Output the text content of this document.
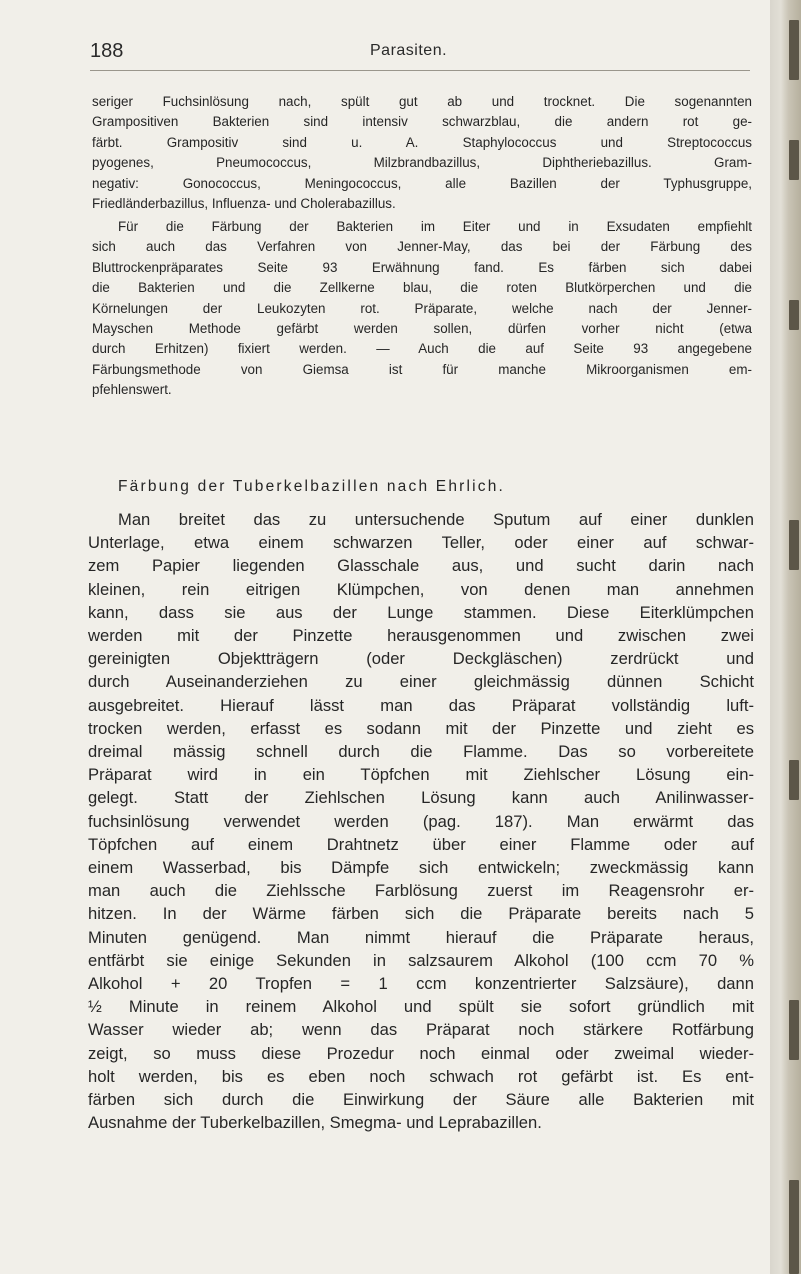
188	Parasiten.
seriger Fuchsinlösung nach, spült gut ab und trocknet. Die sogenannten
Grampositiven Bakterien sind intensiv schwarzblau, die andern rot ge-
färbt. Grampositiv sind u. A. Staphylococcus und Streptococcus
pyogenes, Pneumococcus, Milzbrandbazillus, Diphtheriebazillus. Gram-
negativ: Gonococcus, Meningococcus, alle Bazillen der Typhusgruppe,
Friedländerbazillus, Influenza- und Cholerabazillus.
Für die Färbung der Bakterien im Eiter und in Exsudaten empfiehlt
sich auch das Verfahren von Jenner-May, das bei der Färbung des
Bluttrockenpräparates Seite 93 Erwähnung fand. Es färben sich dabei
die Bakterien und die Zellkerne blau, die roten Blutkörperchen und die
Körnelungen der Leukozyten rot. Präparate, welche nach der Jenner-
Mayschen Methode gefärbt werden sollen, dürfen vorher nicht (etwa
durch Erhitzen) fixiert werden. — Auch die auf Seite 93 angegebene
Färbungsmethode von Giemsa ist für manche Mikroorganismen em-
pfehlenswert.
Färbung der Tuberkelbazillen nach Ehrlich.
Man breitet das zu untersuchende Sputum auf einer dunklen
Unterlage, etwa einem schwarzen Teller, oder einer auf schwar-
zem Papier liegenden Glasschale aus, und sucht darin nach
kleinen, rein eitrigen Klümpchen, von denen man annehmen
kann, dass sie aus der Lunge stammen. Diese Eiterklümpchen
werden mit der Pinzette herausgenommen und zwischen zwei
gereinigten Objektträgern (oder Deckgläschen) zerdrückt und
durch Auseinanderziehen zu einer gleichmässig dünnen Schicht
ausgebreitet. Hierauf lässt man das Präparat vollständig luft-
trocken werden, erfasst es sodann mit der Pinzette und zieht es
dreimal mässig schnell durch die Flamme. Das so vorbereitete
Präparat wird in ein Töpfchen mit Ziehlscher Lösung ein-
gelegt. Statt der Ziehlschen Lösung kann auch Anilinwasser-
fuchsinlösung verwendet werden (pag. 187). Man erwärmt das
Töpfchen auf einem Drahtnetz über einer Flamme oder auf
einem Wasserbad, bis Dämpfe sich entwickeln; zweckmässig kann
man auch die Ziehlssche Farblösung zuerst im Reagensrohr er-
hitzen. In der Wärme färben sich die Präparate bereits nach 5
Minuten genügend. Man nimmt hierauf die Präparate heraus,
entfärbt sie einige Sekunden in salzsaurem Alkohol (100 ccm 70 %
Alkohol + 20 Tropfen = 1 ccm konzentrierter Salzsäure), dann
½ Minute in reinem Alkohol und spült sie sofort gründlich mit
Wasser wieder ab; wenn das Präparat noch stärkere Rotfärbung
zeigt, so muss diese Prozedur noch einmal oder zweimal wieder-
holt werden, bis es eben noch schwach rot gefärbt ist. Es ent-
färben sich durch die Einwirkung der Säure alle Bakterien mit
Ausnahme der Tuberkelbazillen, Smegma- und Leprabazillen.
